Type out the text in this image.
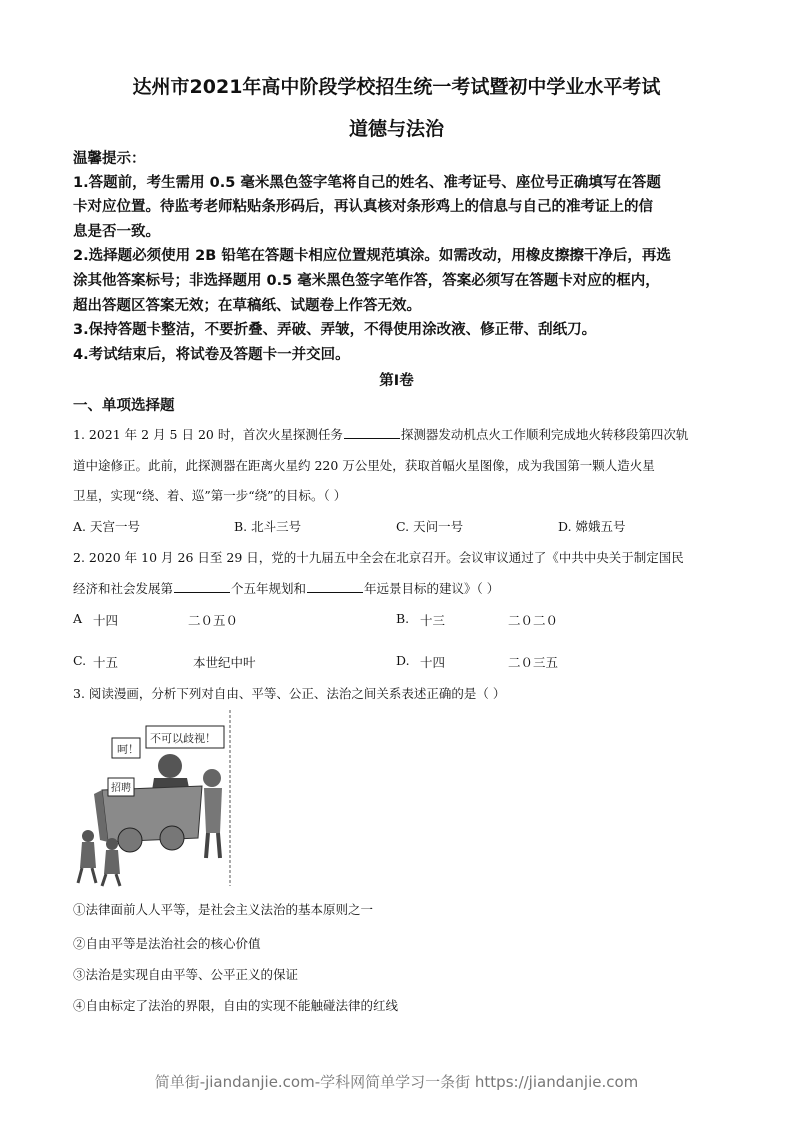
达州市2021年高中阶段学校招生统一考试暨初中学业水平考试
道德与法治
温馨提示：
1.答题前，考生需用 0.5 毫米黑色签字笔将自己的姓名、准考证号、座位号正确填写在答题
卡对应位置。待监考老师粘贴条形码后，再认真核对条形鸡上的信息与自己的准考证上的信
息是否一致。
2.选择题必须使用 2B 铅笔在答题卡相应位置规范填涂。如需改动，用橡皮擦擦干净后，再选
涂其他答案标号；非选择题用 0.5 毫米黑色签字笔作答，答案必须写在答题卡对应的框内，
超出答题区答案无效；在草稿纸、试题卷上作答无效。
3.保持答题卡整洁，不要折叠、弄破、弄皱，不得使用涂改液、修正带、刮纸刀。
4.考试结束后，将试卷及答题卡一并交回。
第Ⅰ卷
一、单项选择题
1. 2021 年 2 月 5 日 20 时，首次火星探测任务	探测器发动机点火工作顺利完成地火转移段第四次轨
道中途修正。此前，此探测器在距离火星约 220 万公里处，获取首幅火星图像，成为我国第一颗人造火星
卫星，实现“绕、着、巡”第一步“绕”的目标。（ ）
A. 天宫一号	B. 北斗三号	C. 天问一号	D. 嫦娥五号
2. 2020 年 10 月 26 日至 29 日，党的十九届五中全会在北京召开。会议审议通过了《中共中央关于制定国民
经济和社会发展第	个五年规划和	年远景目标的建议》（ ）
A 十四	二０五０	B. 十三	二０二０
C. 十五	本世纪中叶	D. 十四	二０三五
3. 阅读漫画，分析下列对自由、平等、公正、法治之间关系表述正确的是（ ）
呵！
不可以歧视！
招聘
①法律面前人人平等，是社会主义法治的基本原则之一
②自由平等是法治社会的核心价值
③法治是实现自由平等、公平正义的保证
④自由标定了法治的界限，自由的实现不能触碰法律的红线
简单街-jiandanjie.com-学科网简单学习一条街 https://jiandanjie.com
